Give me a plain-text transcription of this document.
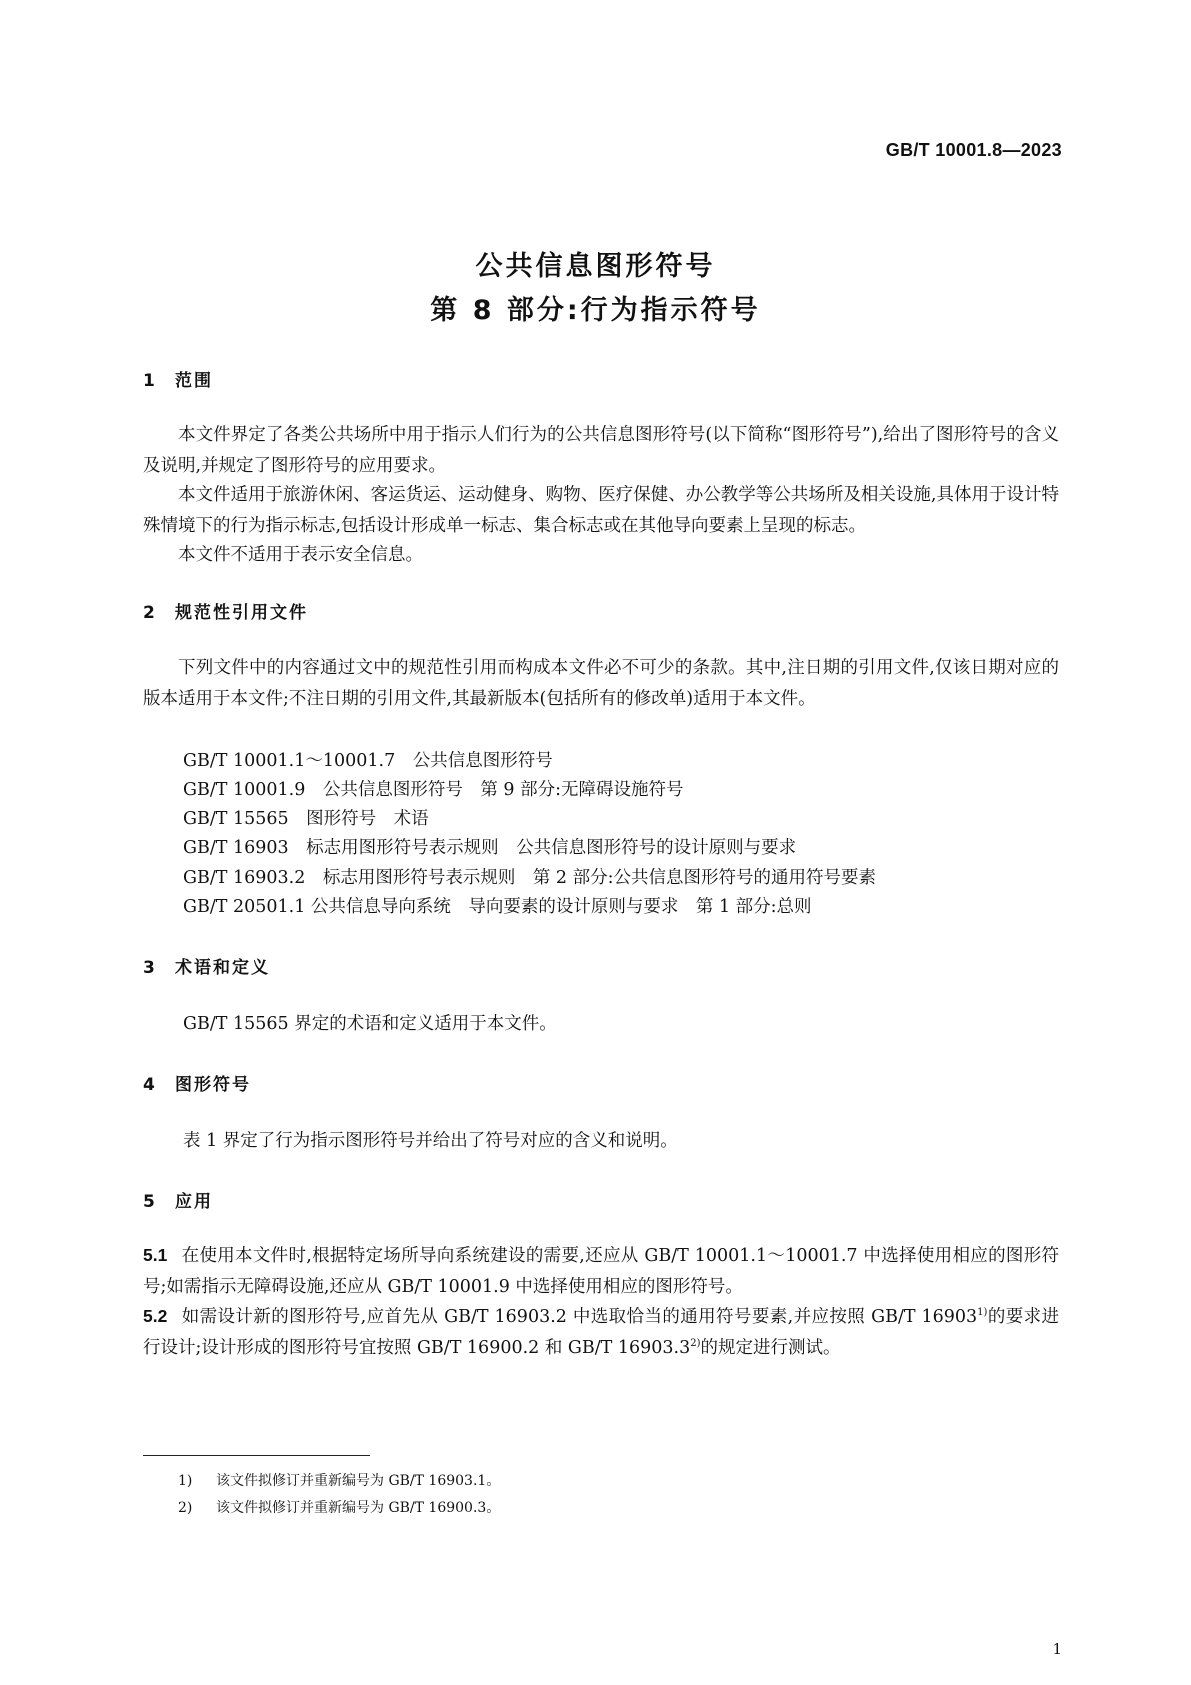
GB/T 10001.8—2023
公共信息图形符号
第 8 部分:行为指示符号
1 范围
本文件界定了各类公共场所中用于指示人们行为的公共信息图形符号(以下简称“图形符号”),给出了图形符号的含义及说明,并规定了图形符号的应用要求。
本文件适用于旅游休闲、客运货运、运动健身、购物、医疗保健、办公教学等公共场所及相关设施,具体用于设计特殊情境下的行为指示标志,包括设计形成单一标志、集合标志或在其他导向要素上呈现的标志。
本文件不适用于表示安全信息。
2 规范性引用文件
下列文件中的内容通过文中的规范性引用而构成本文件必不可少的条款。其中,注日期的引用文件,仅该日期对应的版本适用于本文件;不注日期的引用文件,其最新版本(包括所有的修改单)适用于本文件。
GB/T 10001.1～10001.7　公共信息图形符号
GB/T 10001.9　公共信息图形符号　第 9 部分:无障碍设施符号
GB/T 15565　图形符号　术语
GB/T 16903　标志用图形符号表示规则　公共信息图形符号的设计原则与要求
GB/T 16903.2　标志用图形符号表示规则　第 2 部分:公共信息图形符号的通用符号要素
GB/T 20501.1 公共信息导向系统　导向要素的设计原则与要求　第 1 部分:总则
3 术语和定义
GB/T 15565 界定的术语和定义适用于本文件。
4 图形符号
表 1 界定了行为指示图形符号并给出了符号对应的含义和说明。
5 应用
5.1 在使用本文件时,根据特定场所导向系统建设的需要,还应从 GB/T 10001.1～10001.7 中选择使用相应的图形符号;如需指示无障碍设施,还应从 GB/T 10001.9 中选择使用相应的图形符号。
5.2 如需设计新的图形符号,应首先从 GB/T 16903.2 中选取恰当的通用符号要素,并应按照 GB/T 16903$^{1)}$的要求进行设计;设计形成的图形符号宜按照 GB/T 16900.2 和 GB/T 16903.3$^{2)}$的规定进行测试。
1) 该文件拟修订并重新编号为 GB/T 16903.1。
2) 该文件拟修订并重新编号为 GB/T 16900.3。
1
